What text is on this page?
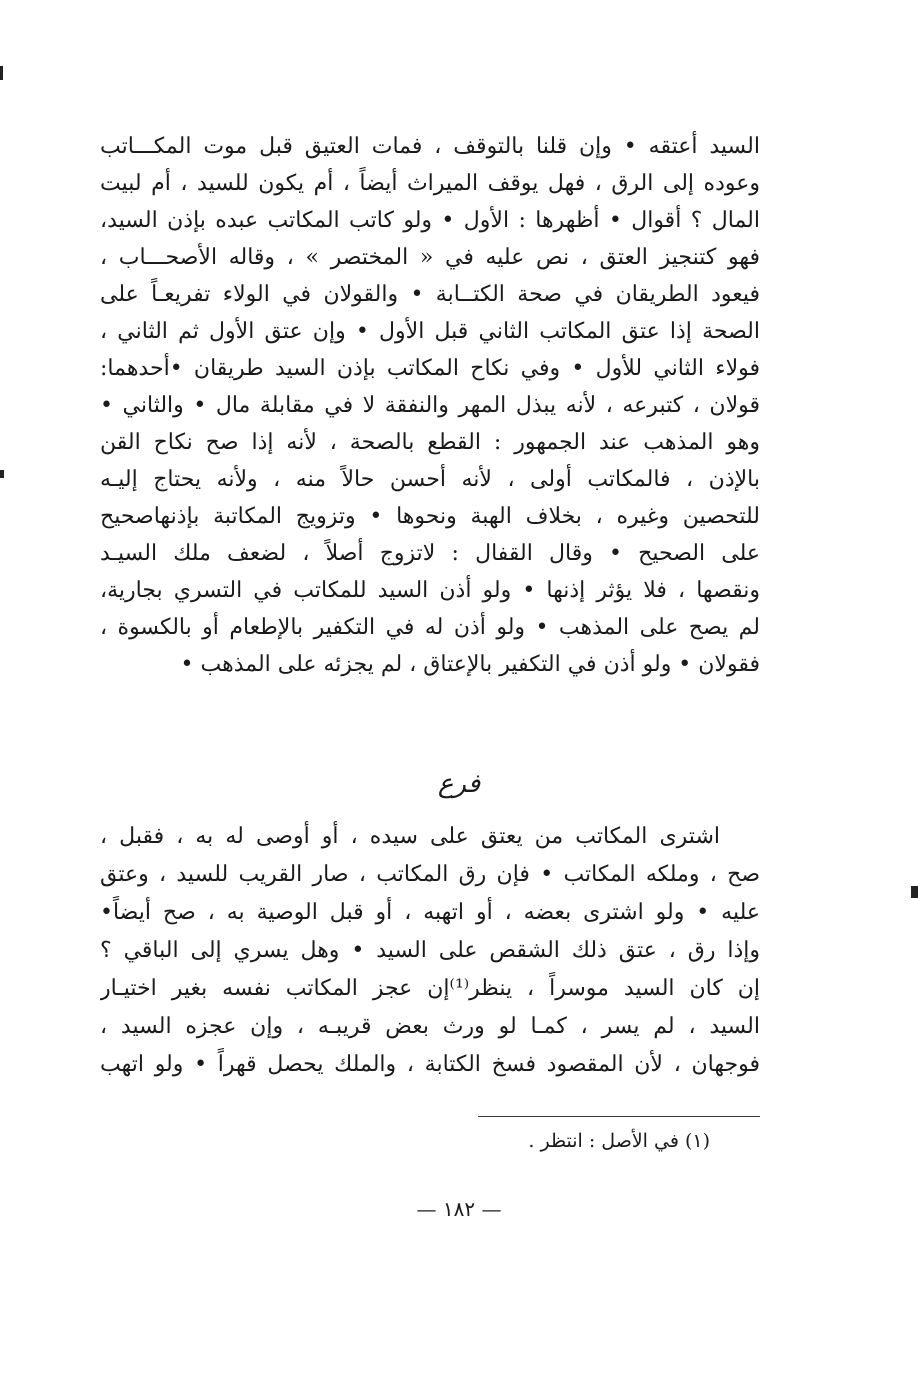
السيد أعتقه • وإن قلنا بالتوقف ، فمات العتيق قبل موت المكـــاتب
وعوده إلى الرق ، فهل يوقف الميراث أيضاً ، أم يكون للسيد ، أم لبيت
المال ؟ أقوال • أظهرها : الأول • ولو كاتب المكاتب عبده بإذن السيد،
فهو كتنجيز العتق ، نص عليه في « المختصر » ، وقاله الأصحـــاب ،
فيعود الطريقان في صحة الكتــابة • والقولان في الولاء تفريعـاً على
الصحة إذا عتق المكاتب الثاني قبل الأول • وإن عتق الأول ثم الثاني ،
فولاء الثاني للأول • وفي نكاح المكاتب بإذن السيد طريقان •أحدهما:
قولان ، كتبرعه ، لأنه يبذل المهر والنفقة لا في مقابلة مال • والثاني •
وهو المذهب عند الجمهور : القطع بالصحة ، لأنه إذا صح نكاح القن
بالإذن ، فالمكاتب أولى ، لأنه أحسن حالاً منه ، ولأنه يحتاج إليـه
للتحصين وغيره ، بخلاف الهبة ونحوها • وتزويج المكاتبة بإذنهاصحيح
على الصحيح • وقال القفال : لاتزوج أصلاً ، لضعف ملك السيـد
ونقصها ، فلا يؤثر إذنها • ولو أذن السيد للمكاتب في التسري بجارية،
لم يصح على المذهب • ولو أذن له في التكفير بالإطعام أو بالكسوة ،
فقولان • ولو أذن في التكفير بالإعتاق ، لم يجزئه على المذهب •
فرع
اشترى المكاتب من يعتق على سيده ، أو أوصى له به ، فقبل ،
صح ، وملكه المكاتب • فإن رق المكاتب ، صار القريب للسيد ، وعتق
عليه • ولو اشترى بعضه ، أو اتهبه ، أو قبل الوصية به ، صح أيضاً•
وإذا رق ، عتق ذلك الشقص على السيد • وهل يسري إلى الباقي ؟
إن كان السيد موسراً ، ينظر⁽¹⁾إن عجز المكاتب نفسه بغير اختيـار
السيد ، لم يسر ، كمـا لو ورث بعض قريبـه ، وإن عجزه السيد ،
فوجهان ، لأن المقصود فسخ الكتابة ، والملك يحصل قهراً • ولو اتهب
(١) في الأصل : انتظر .
— ١٨٢ —
